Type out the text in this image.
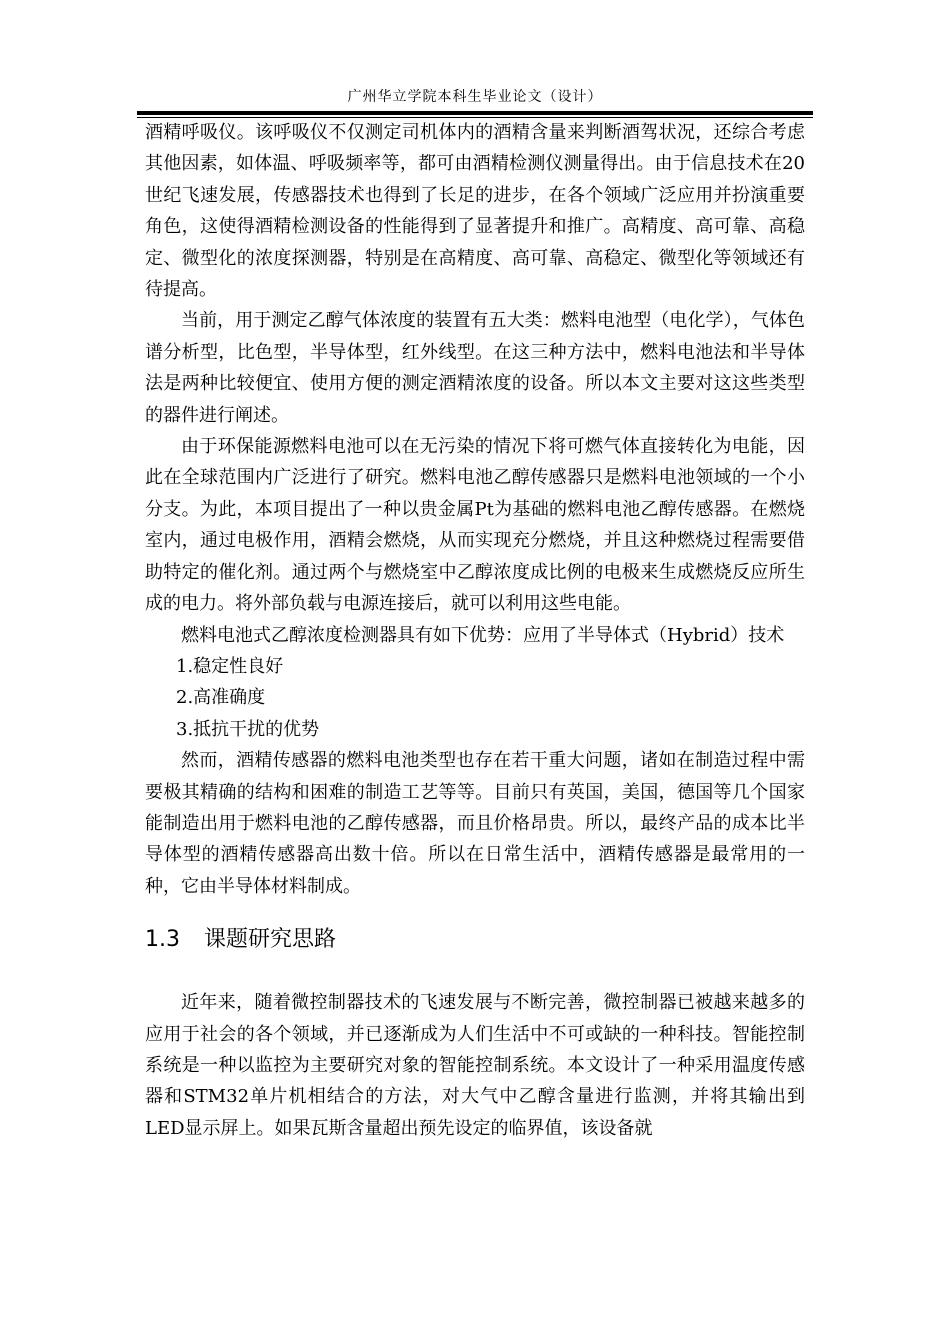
广州华立学院本科生毕业论文（设计）

酒精呼吸仪。该呼吸仪不仅测定司机体内的酒精含量来判断酒驾状况，还综合考虑其他因素，如体温、呼吸频率等，都可由酒精检测仪测量得出。由于信息技术在20世纪飞速发展，传感器技术也得到了长足的进步，在各个领域广泛应用并扮演重要角色，这使得酒精检测设备的性能得到了显著提升和推广。高精度、高可靠、高稳定、微型化的浓度探测器，特别是在高精度、高可靠、高稳定、微型化等领域还有待提高。

当前，用于测定乙醇气体浓度的装置有五大类：燃料电池型（电化学），气体色谱分析型，比色型，半导体型，红外线型。在这三种方法中，燃料电池法和半导体法是两种比较便宜、使用方便的测定酒精浓度的设备。所以本文主要对这这些类型的器件进行阐述。

由于环保能源燃料电池可以在无污染的情况下将可燃气体直接转化为电能，因此在全球范围内广泛进行了研究。燃料电池乙醇传感器只是燃料电池领域的一个小分支。为此，本项目提出了一种以贵金属Pt为基础的燃料电池乙醇传感器。在燃烧室内，通过电极作用，酒精会燃烧，从而实现充分燃烧，并且这种燃烧过程需要借助特定的催化剂。通过两个与燃烧室中乙醇浓度成比例的电极来生成燃烧反应所生成的电力。将外部负载与电源连接后，就可以利用这些电能。

燃料电池式乙醇浓度检测器具有如下优势：应用了半导体式（Hybrid）技术

1.稳定性良好

2.高准确度

3.抵抗干扰的优势

然而，酒精传感器的燃料电池类型也存在若干重大问题，诸如在制造过程中需要极其精确的结构和困难的制造工艺等等。目前只有英国，美国，德国等几个国家能制造出用于燃料电池的乙醇传感器，而且价格昂贵。所以，最终产品的成本比半导体型的酒精传感器高出数十倍。所以在日常生活中，酒精传感器是最常用的一种，它由半导体材料制成。

1.3 课题研究思路

近年来，随着微控制器技术的飞速发展与不断完善，微控制器已被越来越多的应用于社会的各个领域，并已逐渐成为人们生活中不可或缺的一种科技。智能控制系统是一种以监控为主要研究对象的智能控制系统。本文设计了一种采用温度传感器和STM32单片机相结合的方法，对大气中乙醇含量进行监测，并将其输出到LED显示屏上。如果瓦斯含量超出预先设定的临界值，该设备就
